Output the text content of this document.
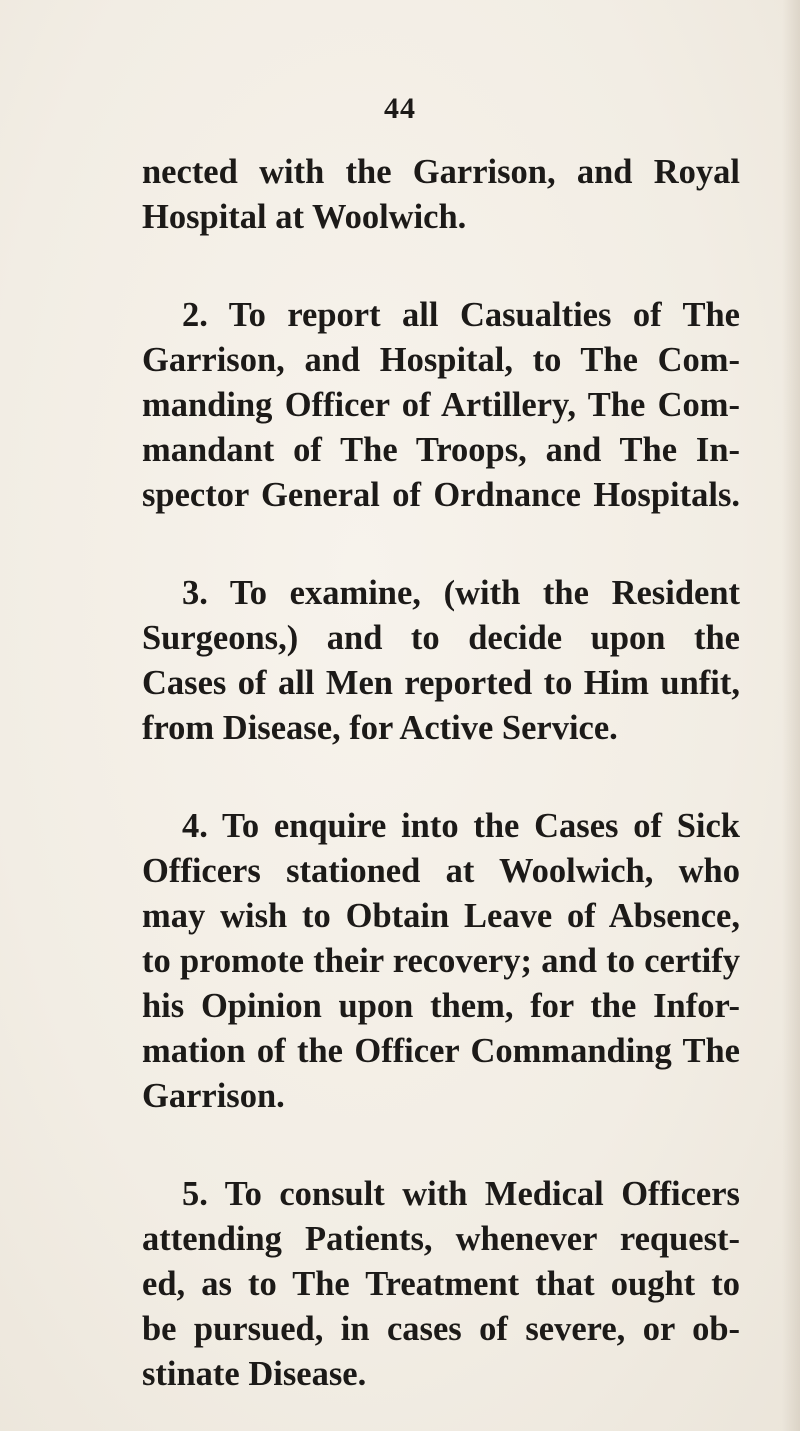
44
nected with the Garrison, and Royal
Hospital at Woolwich.
2. To report all Casualties of The
Garrison, and Hospital, to The Com-
manding Officer of Artillery, The Com-
mandant of The Troops, and The In-
spector General of Ordnance Hospitals.
3. To examine, (with the Resident
Surgeons,) and to decide upon the
Cases of all Men reported to Him unfit,
from Disease, for Active Service.
4. To enquire into the Cases of Sick
Officers stationed at Woolwich, who
may wish to Obtain Leave of Absence,
to promote their recovery; and to certify
his Opinion upon them, for the Infor-
mation of the Officer Commanding The
Garrison.
5. To consult with Medical Officers
attending Patients, whenever request-
ed, as to The Treatment that ought to
be pursued, in cases of severe, or ob-
stinate Disease.
